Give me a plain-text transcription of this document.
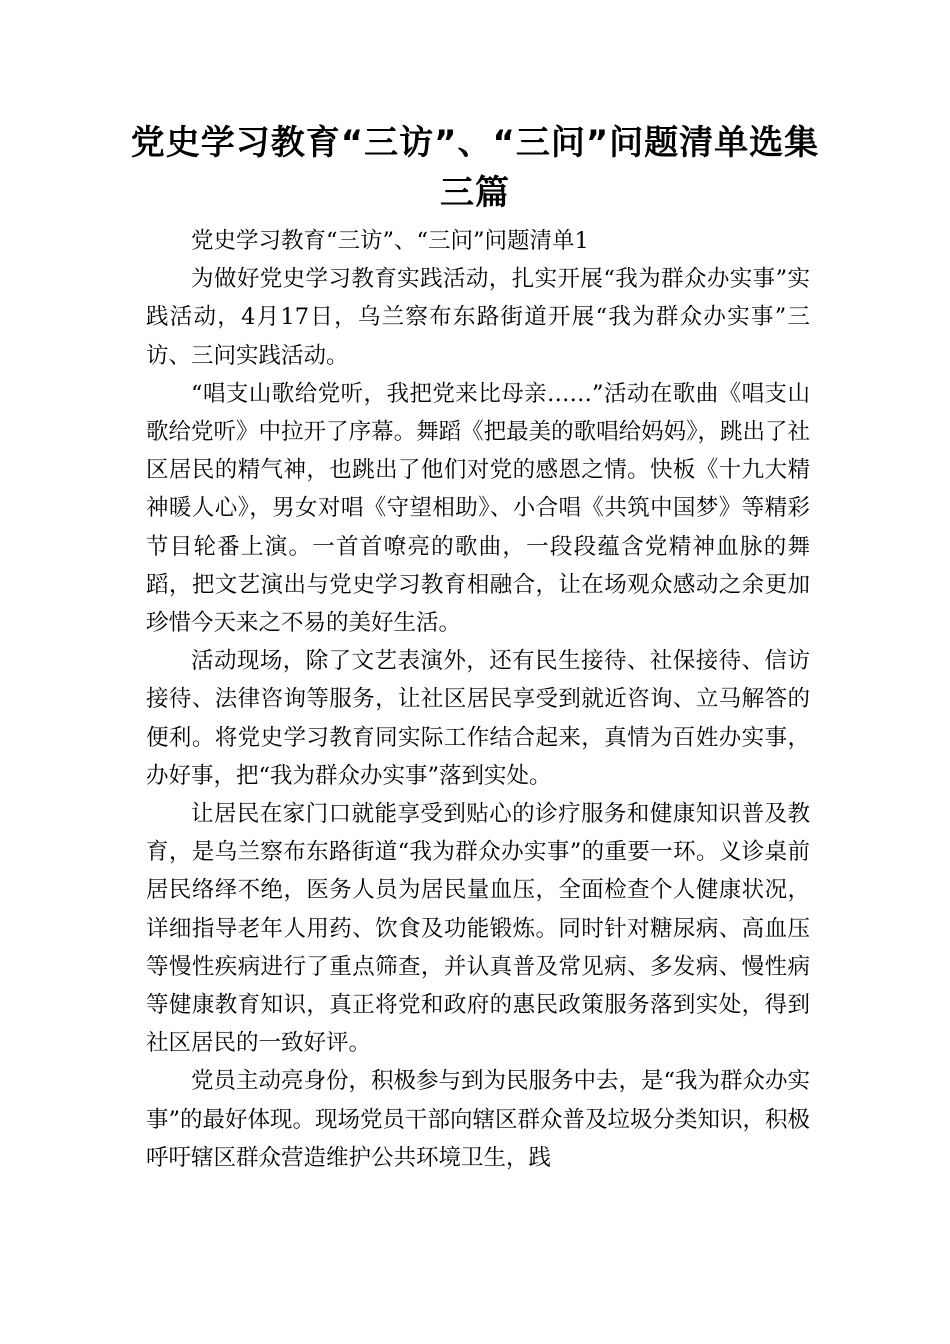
党史学习教育“三访”、“三问”问题清单选集三篇

党史学习教育“三访”、“三问”问题清单1

为做好党史学习教育实践活动，扎实开展“我为群众办实事”实践活动，4月17日，乌兰察布东路街道开展“我为群众办实事”三访、三问实践活动。

“唱支山歌给党听，我把党来比母亲……”活动在歌曲《唱支山歌给党听》中拉开了序幕。舞蹈《把最美的歌唱给妈妈》，跳出了社区居民的精气神，也跳出了他们对党的感恩之情。快板《十九大精神暖人心》，男女对唱《守望相助》、小合唱《共筑中国梦》等精彩节目轮番上演。一首首嘹亮的歌曲，一段段蕴含党精神血脉的舞蹈，把文艺演出与党史学习教育相融合，让在场观众感动之余更加珍惜今天来之不易的美好生活。

活动现场，除了文艺表演外，还有民生接待、社保接待、信访接待、法律咨询等服务，让社区居民享受到就近咨询、立马解答的便利。将党史学习教育同实际工作结合起来，真情为百姓办实事，办好事，把“我为群众办实事”落到实处。

让居民在家门口就能享受到贴心的诊疗服务和健康知识普及教育，是乌兰察布东路街道“我为群众办实事”的重要一环。义诊桌前居民络绎不绝，医务人员为居民量血压，全面检查个人健康状况，详细指导老年人用药、饮食及功能锻炼。同时针对糖尿病、高血压等慢性疾病进行了重点筛查，并认真普及常见病、多发病、慢性病等健康教育知识，真正将党和政府的惠民政策服务落到实处，得到社区居民的一致好评。

党员主动亮身份，积极参与到为民服务中去，是“我为群众办实事”的最好体现。现场党员干部向辖区群众普及垃圾分类知识，积极呼吁辖区群众营造维护公共环境卫生，践
